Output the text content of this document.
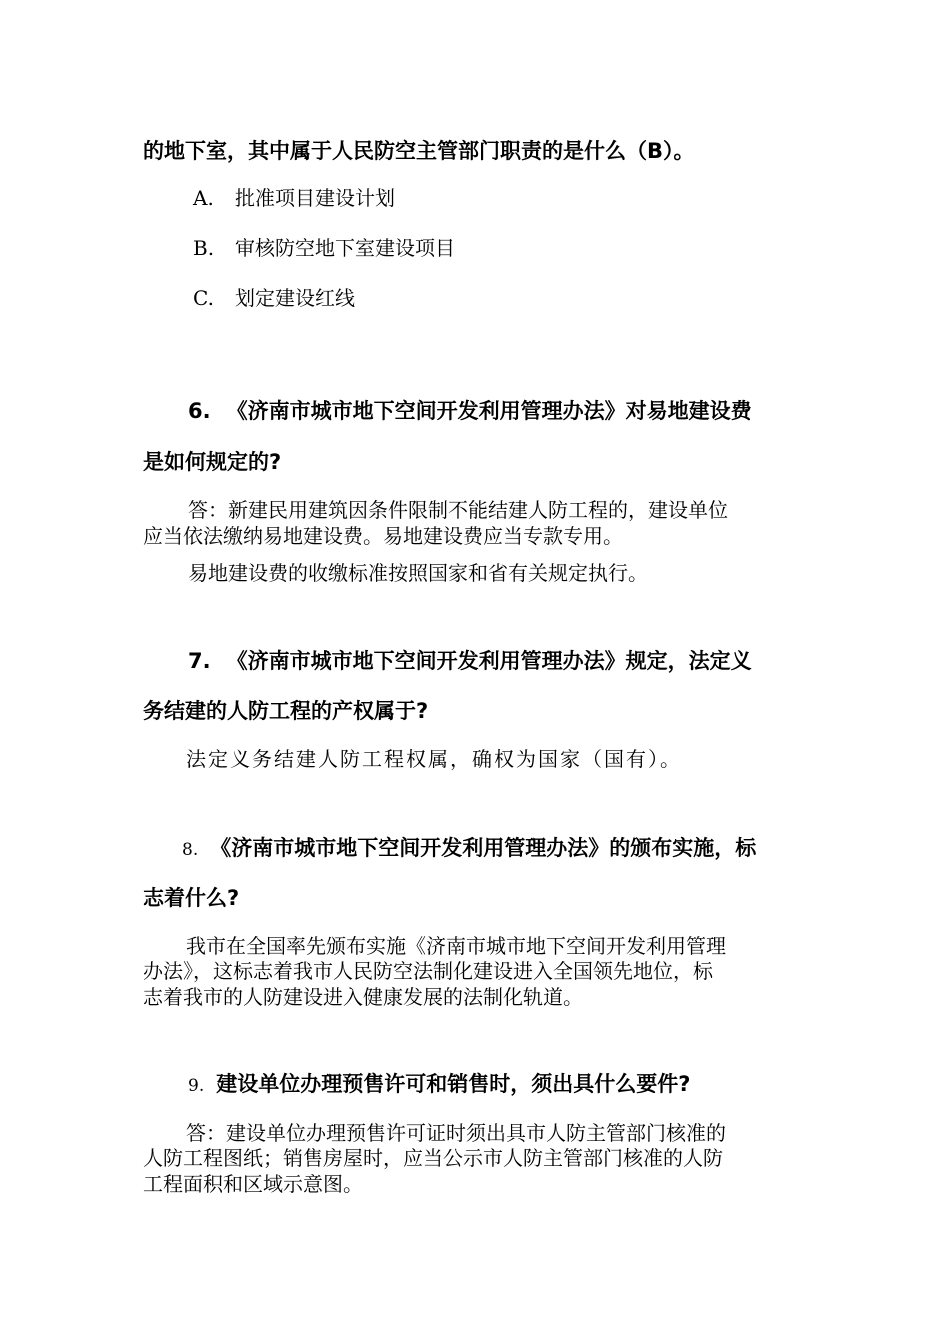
的地下室，其中属于人民防空主管部门职责的是什么（B）。
A. 批准项目建设计划
B. 审核防空地下室建设项目
C. 划定建设红线
6. 《济南市城市地下空间开发利用管理办法》对易地建设费
是如何规定的?
答：新建民用建筑因条件限制不能结建人防工程的，建设单位
应当依法缴纳易地建设费。易地建设费应当专款专用。
易地建设费的收缴标准按照国家和省有关规定执行。
7. 《济南市城市地下空间开发利用管理办法》规定，法定义
务结建的人防工程的产权属于?
法定义务结建人防工程权属，确权为国家（国有）。
8. 《济南市城市地下空间开发利用管理办法》的颁布实施，标
志着什么?
我市在全国率先颁布实施《济南市城市地下空间开发利用管理
办法》，这标志着我市人民防空法制化建设进入全国领先地位，标
志着我市的人防建设进入健康发展的法制化轨道。
9. 建设单位办理预售许可和销售时，须出具什么要件?
答：建设单位办理预售许可证时须出具市人防主管部门核准的
人防工程图纸；销售房屋时，应当公示市人防主管部门核准的人防
工程面积和区域示意图。
